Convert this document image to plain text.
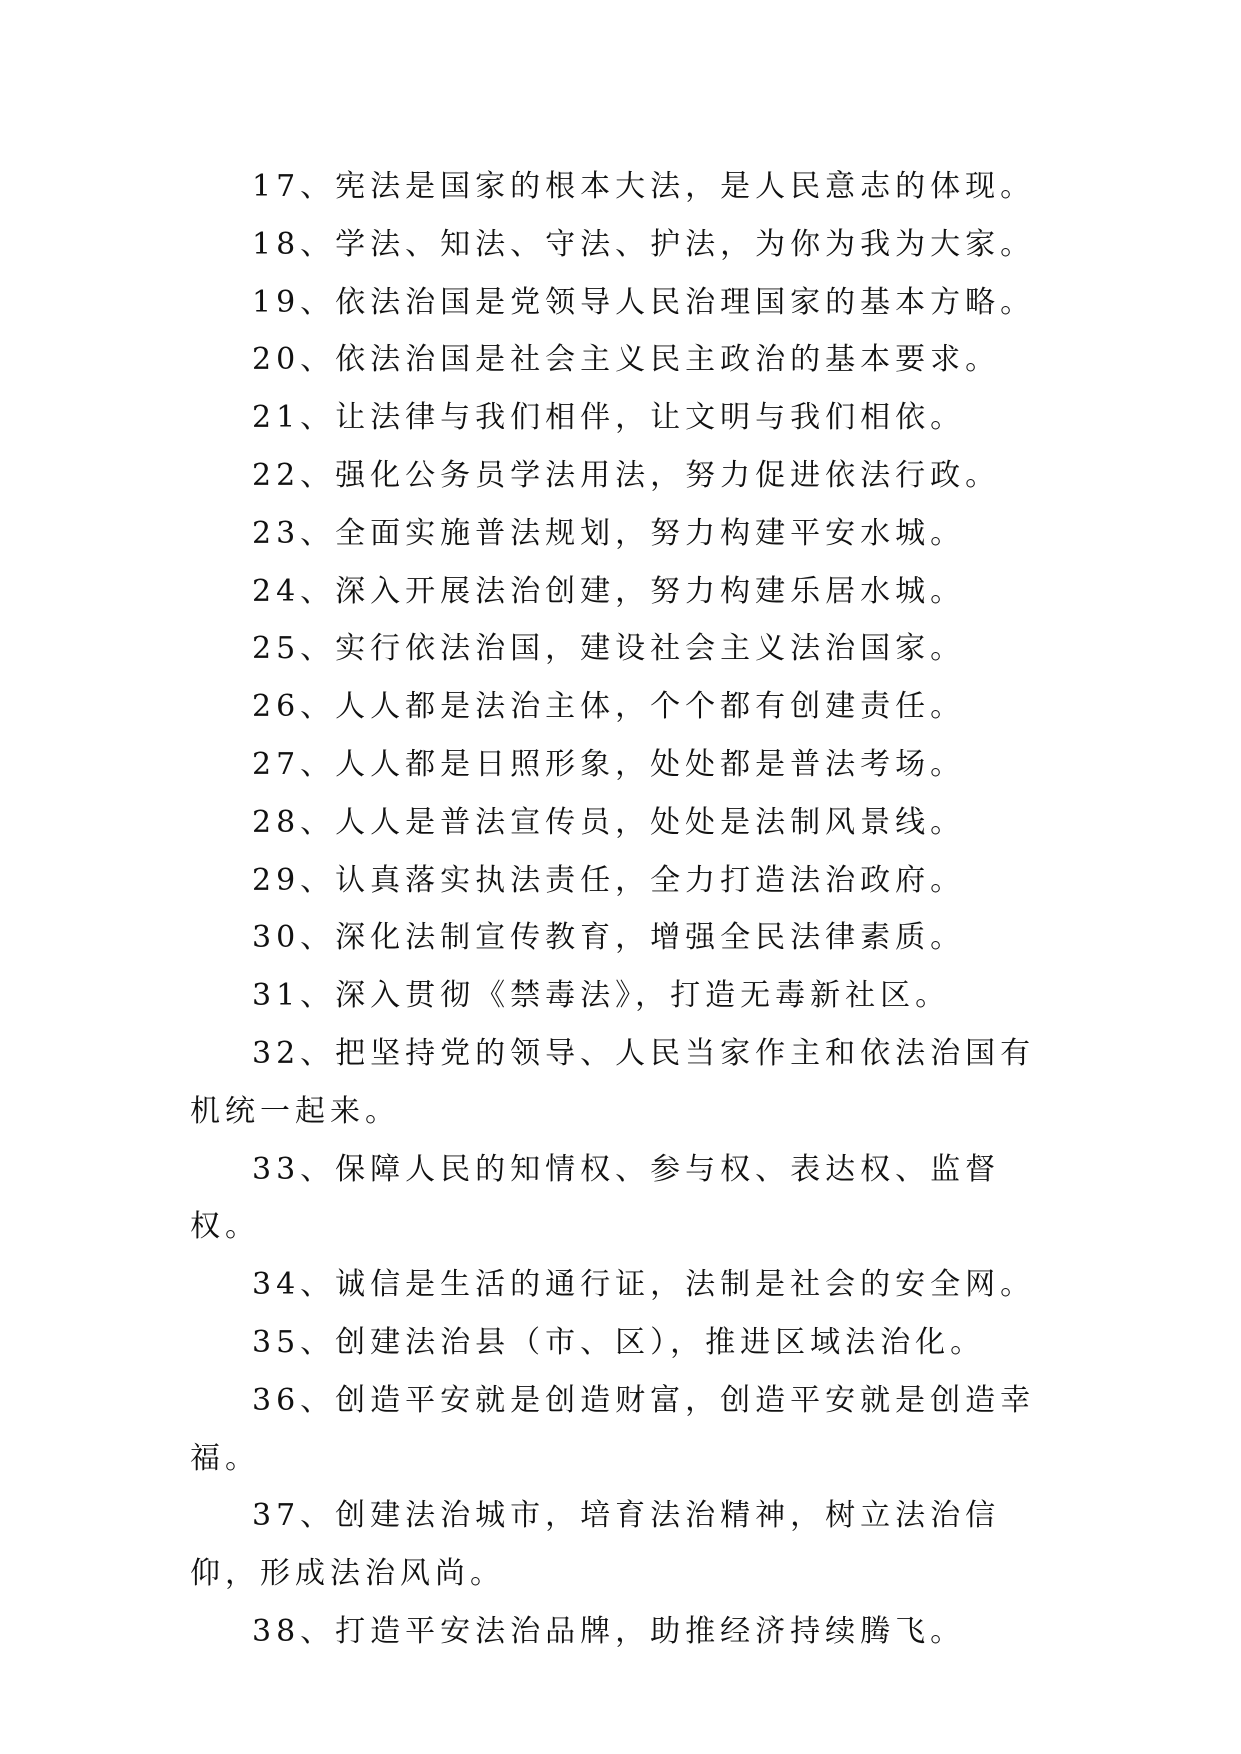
17、宪法是国家的根本大法，是人民意志的体现。

18、学法、知法、守法、护法，为你为我为大家。

19、依法治国是党领导人民治理国家的基本方略。

20、依法治国是社会主义民主政治的基本要求。

21、让法律与我们相伴，让文明与我们相依。

22、强化公务员学法用法，努力促进依法行政。

23、全面实施普法规划，努力构建平安水城。

24、深入开展法治创建，努力构建乐居水城。

25、实行依法治国，建设社会主义法治国家。

26、人人都是法治主体，个个都有创建责任。

27、人人都是日照形象，处处都是普法考场。

28、人人是普法宣传员，处处是法制风景线。

29、认真落实执法责任，全力打造法治政府。

30、深化法制宣传教育，增强全民法律素质。

31、深入贯彻《禁毒法》，打造无毒新社区。

32、把坚持党的领导、人民当家作主和依法治国有机统一起来。

33、保障人民的知情权、参与权、表达权、监督权。

34、诚信是生活的通行证，法制是社会的安全网。

35、创建法治县（市、区），推进区域法治化。

36、创造平安就是创造财富，创造平安就是创造幸福。

37、创建法治城市，培育法治精神，树立法治信仰，形成法治风尚。

38、打造平安法治品牌，助推经济持续腾飞。
